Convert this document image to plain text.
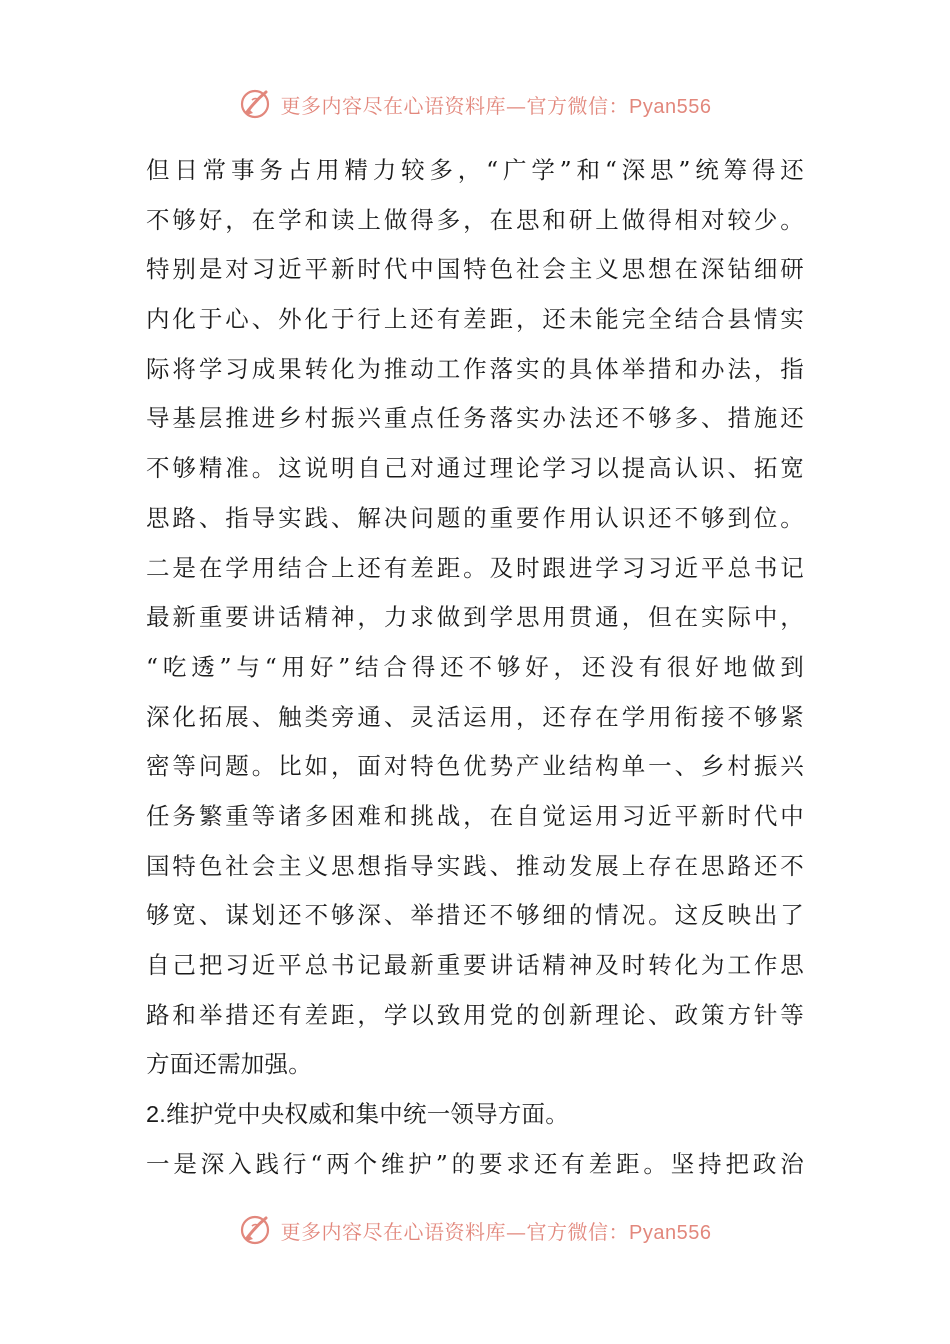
更多内容尽在心语资料库—官方微信：Pyan556
但日常事务占用精力较多，“广学”和“深思”统筹得还
不够好，在学和读上做得多，在思和研上做得相对较少。
特别是对习近平新时代中国特色社会主义思想在深钻细研
内化于心、外化于行上还有差距，还未能完全结合县情实
际将学习成果转化为推动工作落实的具体举措和办法，指
导基层推进乡村振兴重点任务落实办法还不够多、措施还
不够精准。这说明自己对通过理论学习以提高认识、拓宽
思路、指导实践、解决问题的重要作用认识还不够到位。
二是在学用结合上还有差距。及时跟进学习习近平总书记
最新重要讲话精神，力求做到学思用贯通，但在实际中，
“吃透”与“用好”结合得还不够好，还没有很好地做到
深化拓展、触类旁通、灵活运用，还存在学用衔接不够紧
密等问题。比如，面对特色优势产业结构单一、乡村振兴
任务繁重等诸多困难和挑战，在自觉运用习近平新时代中
国特色社会主义思想指导实践、推动发展上存在思路还不
够宽、谋划还不够深、举措还不够细的情况。这反映出了
自己把习近平总书记最新重要讲话精神及时转化为工作思
路和举措还有差距，学以致用党的创新理论、政策方针等
方面还需加强。
2.维护党中央权威和集中统一领导方面。
一是深入践行“两个维护”的要求还有差距。坚持把政治
更多内容尽在心语资料库—官方微信：Pyan556
